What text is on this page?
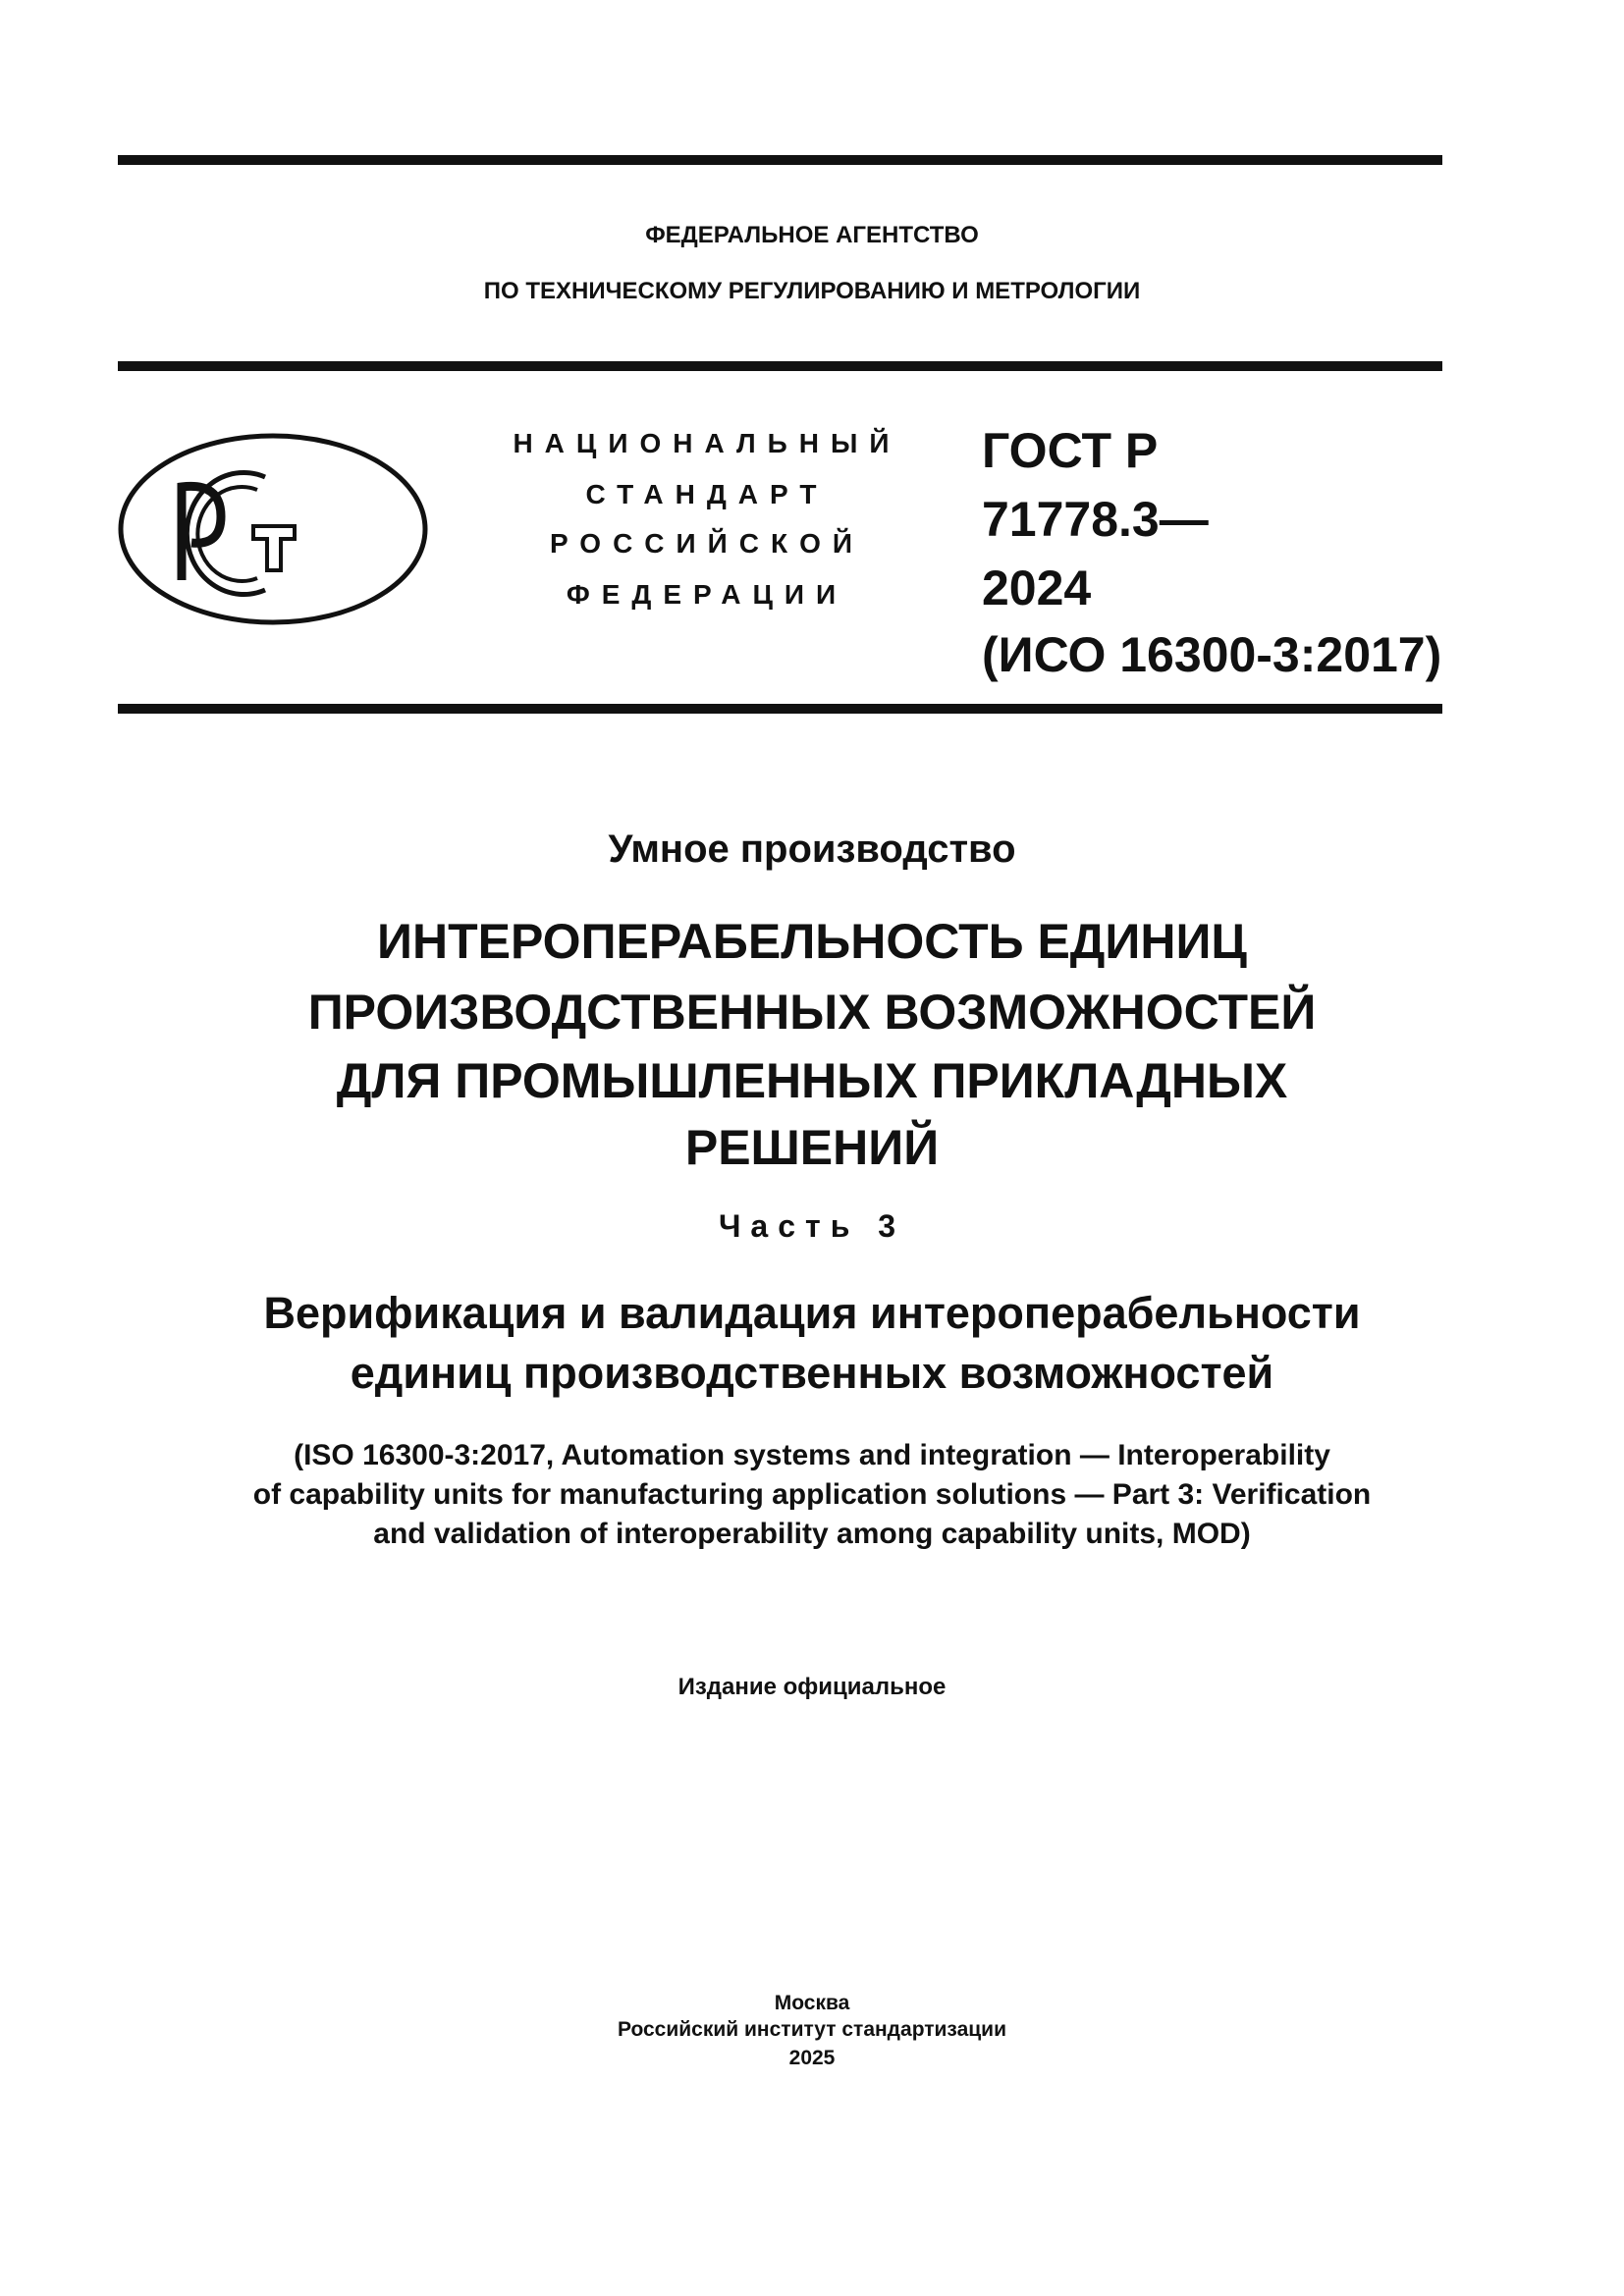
ФЕДЕРАЛЬНОЕ АГЕНТСТВО
ПО ТЕХНИЧЕСКОМУ РЕГУЛИРОВАНИЮ И МЕТРОЛОГИИ
НАЦИОНАЛЬНЫЙ
СТАНДАРТ
РОССИЙСКОЙ
ФЕДЕРАЦИИ
ГОСТ Р
71778.3—
2024
(ИСО 16300-3:2017)
Умное производство
ИНТЕРОПЕРАБЕЛЬНОСТЬ ЕДИНИЦ
ПРОИЗВОДСТВЕННЫХ ВОЗМОЖНОСТЕЙ
ДЛЯ ПРОМЫШЛЕННЫХ ПРИКЛАДНЫХ
РЕШЕНИЙ
Часть 3
Верификация и валидация интероперабельности
единиц производственных возможностей
(ISO 16300-3:2017, Automation systems and integration — Interoperability
of capability units for manufacturing application solutions — Part 3: Verification
and validation of interoperability among capability units, MOD)
Издание официальное
Москва
Российский институт стандартизации
2025
